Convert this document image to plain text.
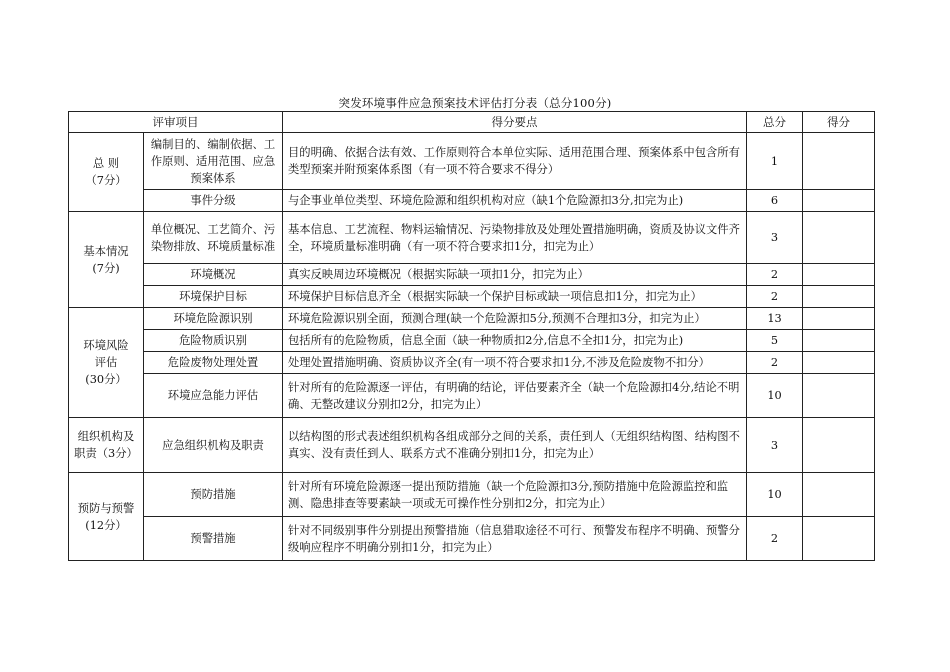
突发环境事件应急预案技术评估打分表（总分100分)
评审项目		得分要点	总分	得分
总 则
（7分）	编制目的、编制依据、工作原则、适用范围、应急预案体系	目的明确、依据合法有效、工作原则符合本单位实际、适用范围合理、预案体系中包含所有类型预案并附预案体系图（有一项不符合要求不得分）	1	
	事件分级	与企事业单位类型、环境危险源和组织机构对应（缺1个危险源扣3分,扣完为止)	6	
基本情况
(7分)	单位概况、工艺简介、污染物排放、环境质量标准	基本信息、工艺流程、物料运输情况、污染物排放及处理处置措施明确，资质及协议文件齐全，环境质量标准明确（有一项不符合要求扣1分，扣完为止）	3	
	环境概况	真实反映周边环境概况（根据实际缺一项扣1分，扣完为止）	2	
	环境保护目标	环境保护目标信息齐全（根据实际缺一个保护目标或缺一项信息扣1分，扣完为止）	2	
环境风险
评估
(30分）	环境危险源识别	环境危险源识别全面，预测合理(缺一个危险源扣5分,预测不合理扣3分，扣完为止）	13	
	危险物质识别	包括所有的危险物质，信息全面（缺一种物质扣2分,信息不全扣1分，扣完为止)	5	
	危险废物处理处置	处理处置措施明确、资质协议齐全(有一项不符合要求扣1分,不涉及危险废物不扣分）	2	
	环境应急能力评估	针对所有的危险源逐一评估，有明确的结论，评估要素齐全（缺一个危险源扣4分,结论不明确、无整改建议分别扣2分，扣完为止）	10	
组织机构及职责（3分）	应急组织机构及职责	以结构图的形式表述组织机构各组成部分之间的关系，责任到人（无组织结构图、结构图不真实、没有责任到人、联系方式不准确分别扣1分，扣完为止）	3	
预防与预警
(12分）	预防措施	针对所有环境危险源逐一提出预防措施（缺一个危险源扣3分,预防措施中危险源监控和监测、隐患排查等要素缺一项或无可操作性分别扣2分，扣完为止）	10	
	预警措施	针对不同级别事件分别提出预警措施（信息猎取途径不可行、预警发布程序不明确、预警分级响应程序不明确分别扣1分，扣完为止）	2	
